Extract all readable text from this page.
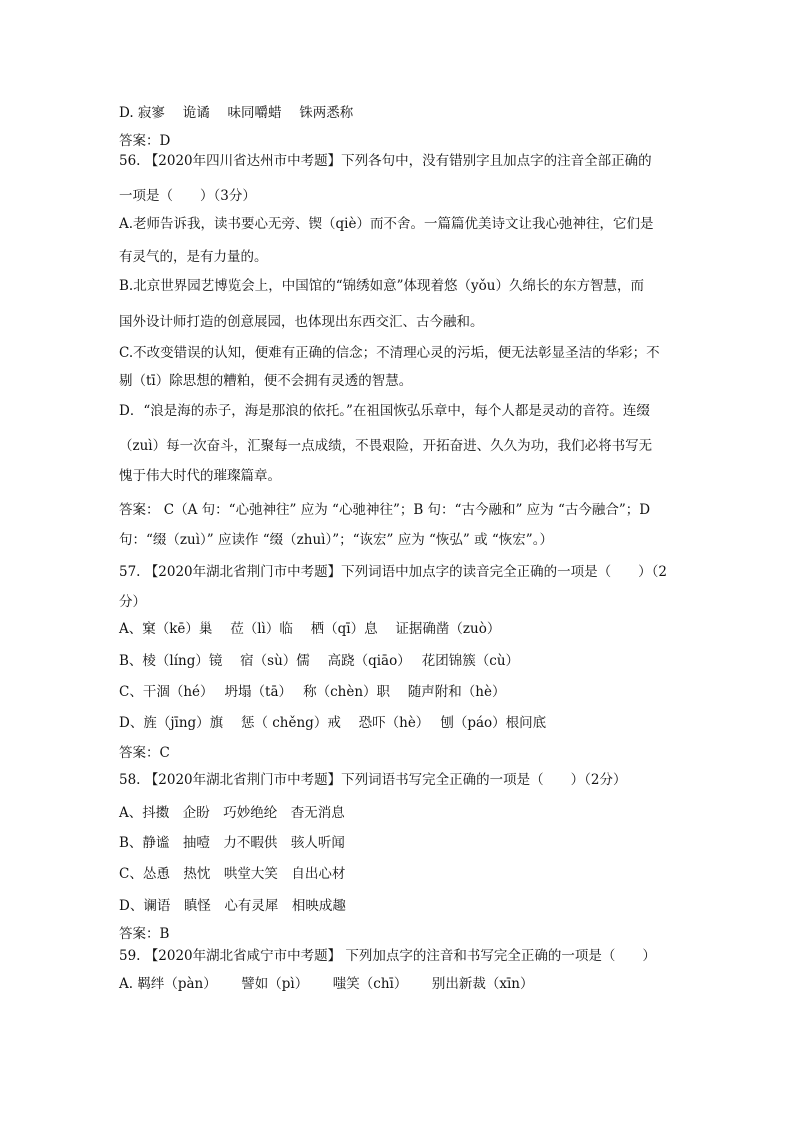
D. 寂寥　 诡谲　 味同嚼蜡　 铢两悉称
答案：D
56. 【2020年四川省达州市中考题】下列各句中，没有错别字且加点字的注音全部正确的
一项是（　　）（3分）
A.老师告诉我，读书要心无旁、锲（qiè）而不舍。一篇篇优美诗文让我心弛神往，它们是
有灵气的，是有力量的。
B.北京世界园艺博览会上，中国馆的“锦绣如意”体现着悠（yǒu）久绵长的东方智慧，而
国外设计师打造的创意展园，也体现出东西交汇、古今融和。
C.不改变错误的认知，便难有正确的信念；不清理心灵的污垢，便无法彰显圣洁的华彩；不
剔（tī）除思想的糟粕，便不会拥有灵透的智慧。
D．“浪是海的赤子，海是那浪的依托。”在祖国恢弘乐章中，每个人都是灵动的音符。连缀
（zuì）每一次奋斗，汇聚每一点成绩，不畏艰险，开拓奋进、久久为功，我们必将书写无
愧于伟大时代的璀璨篇章。
答案： C（A 句：“心弛神往” 应为 “心驰神往”；B 句：“古今融和” 应为 “古今融合”；D
句：“缀（zuì）” 应读作 “缀（zhuì）”；“诙宏” 应为 “恢弘” 或 “恢宏”。）
57. 【2020年湖北省荆门市中考题】下列词语中加点字的读音完全正确的一项是（　　）（2
分）
A、窠（kē）巢　 莅（lì）临　 栖（qī）息　 证据确凿（zuò）
B、棱（líng）镜　 宿（sù）儒　 高跷（qiāo）　 花团锦簇（cù）
C、干涸（hé）　 坍塌（tā）　 称（chèn）职　 随声附和（hè）
D、旌（jīng）旗　 惩（ chěng）戒　 恐吓（hè）　 刨（páo）根问底
答案：C
58. 【2020年湖北省荆门市中考题】下列词语书写完全正确的一项是（　　）（2分）
A、抖擞　企盼　巧妙绝纶　杳无消息
B、静谧　抽噎　力不暇供　骇人听闻
C、怂恿　热忱　哄堂大笑　自出心材
D、谰语　瞋怪　心有灵犀　相映成趣
答案：B
59. 【2020年湖北省咸宁市中考题】 下列加点字的注音和书写完全正确的一项是（　　）
A. 羁绊（pàn）　　 譬如（pì）　　 嗤笑（chī）　　 别出新裁（xīn）
